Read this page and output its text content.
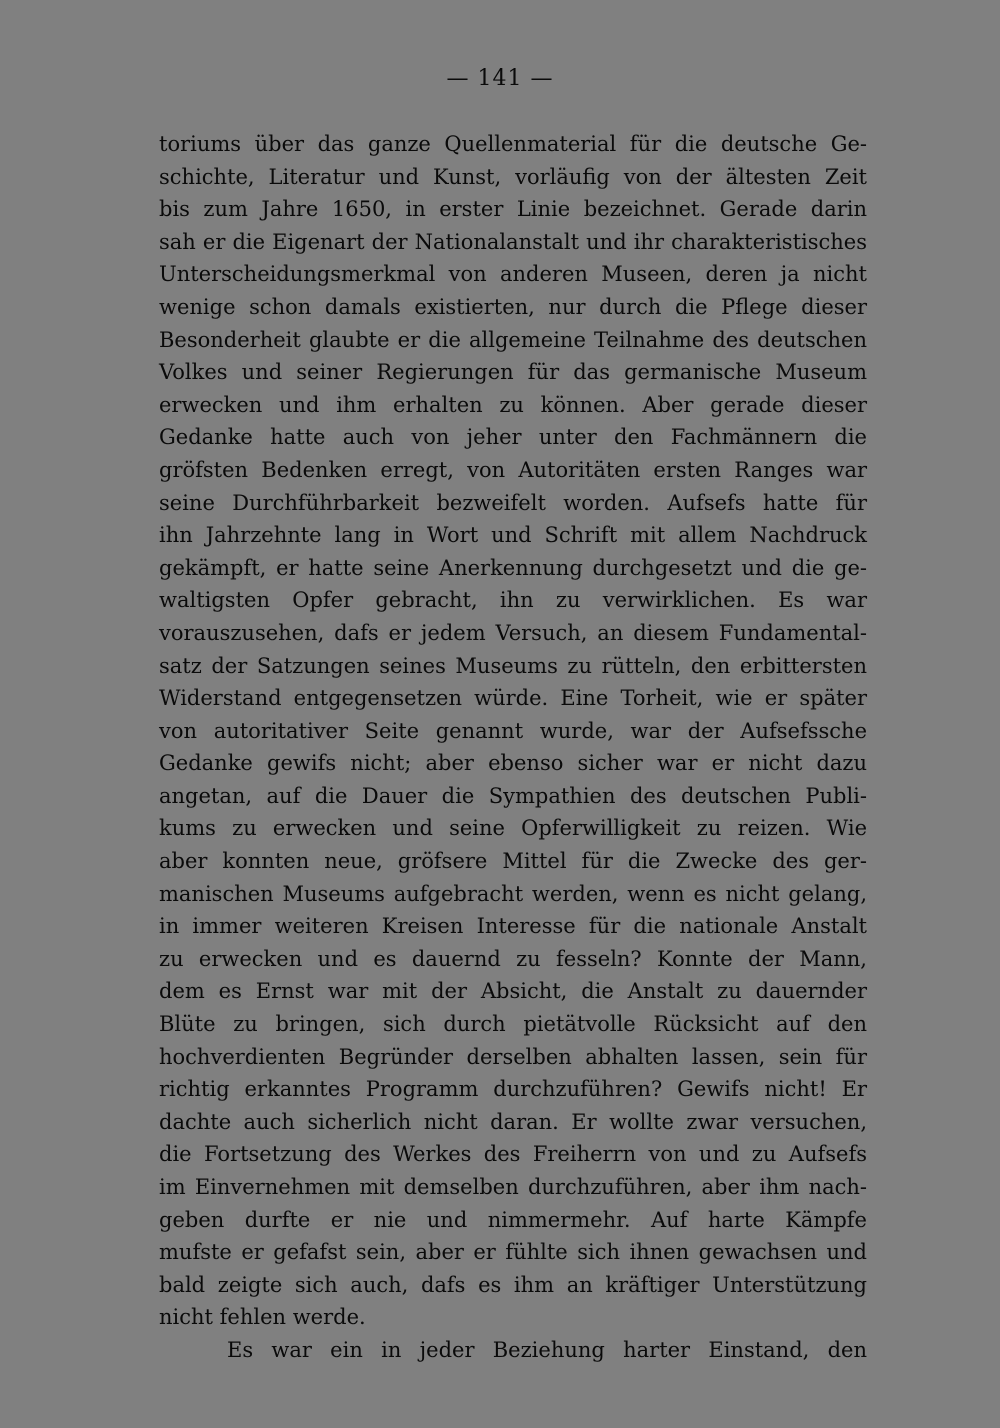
— 141 —
toriums über das ganze Quellenmaterial für die deutsche Ge-
schichte, Literatur und Kunst, vorläufig von der ältesten Zeit
bis zum Jahre 1650, in erster Linie bezeichnet. Gerade darin
sah er die Eigenart der Nationalanstalt und ihr charakteristisches
Unterscheidungsmerkmal von anderen Museen, deren ja nicht
wenige schon damals existierten, nur durch die Pflege dieser
Besonderheit glaubte er die allgemeine Teilnahme des deutschen
Volkes und seiner Regierungen für das germanische Museum
erwecken und ihm erhalten zu können. Aber gerade dieser
Gedanke hatte auch von jeher unter den Fachmännern die
gröfsten Bedenken erregt, von Autoritäten ersten Ranges war
seine Durchführbarkeit bezweifelt worden. Aufsefs hatte für
ihn Jahrzehnte lang in Wort und Schrift mit allem Nachdruck
gekämpft, er hatte seine Anerkennung durchgesetzt und die ge-
waltigsten Opfer gebracht, ihn zu verwirklichen. Es war
vorauszusehen, dafs er jedem Versuch, an diesem Fundamental-
satz der Satzungen seines Museums zu rütteln, den erbittersten
Widerstand entgegensetzen würde. Eine Torheit, wie er später
von autoritativer Seite genannt wurde, war der Aufsefssche
Gedanke gewifs nicht; aber ebenso sicher war er nicht dazu
angetan, auf die Dauer die Sympathien des deutschen Publi-
kums zu erwecken und seine Opferwilligkeit zu reizen. Wie
aber konnten neue, gröfsere Mittel für die Zwecke des ger-
manischen Museums aufgebracht werden, wenn es nicht gelang,
in immer weiteren Kreisen Interesse für die nationale Anstalt
zu erwecken und es dauernd zu fesseln? Konnte der Mann,
dem es Ernst war mit der Absicht, die Anstalt zu dauernder
Blüte zu bringen, sich durch pietätvolle Rücksicht auf den
hochverdienten Begründer derselben abhalten lassen, sein für
richtig erkanntes Programm durchzuführen? Gewifs nicht! Er
dachte auch sicherlich nicht daran. Er wollte zwar versuchen,
die Fortsetzung des Werkes des Freiherrn von und zu Aufsefs
im Einvernehmen mit demselben durchzuführen, aber ihm nach-
geben durfte er nie und nimmermehr. Auf harte Kämpfe
mufste er gefafst sein, aber er fühlte sich ihnen gewachsen und
bald zeigte sich auch, dafs es ihm an kräftiger Unterstützung
nicht fehlen werde.
Es war ein in jeder Beziehung harter Einstand, den
